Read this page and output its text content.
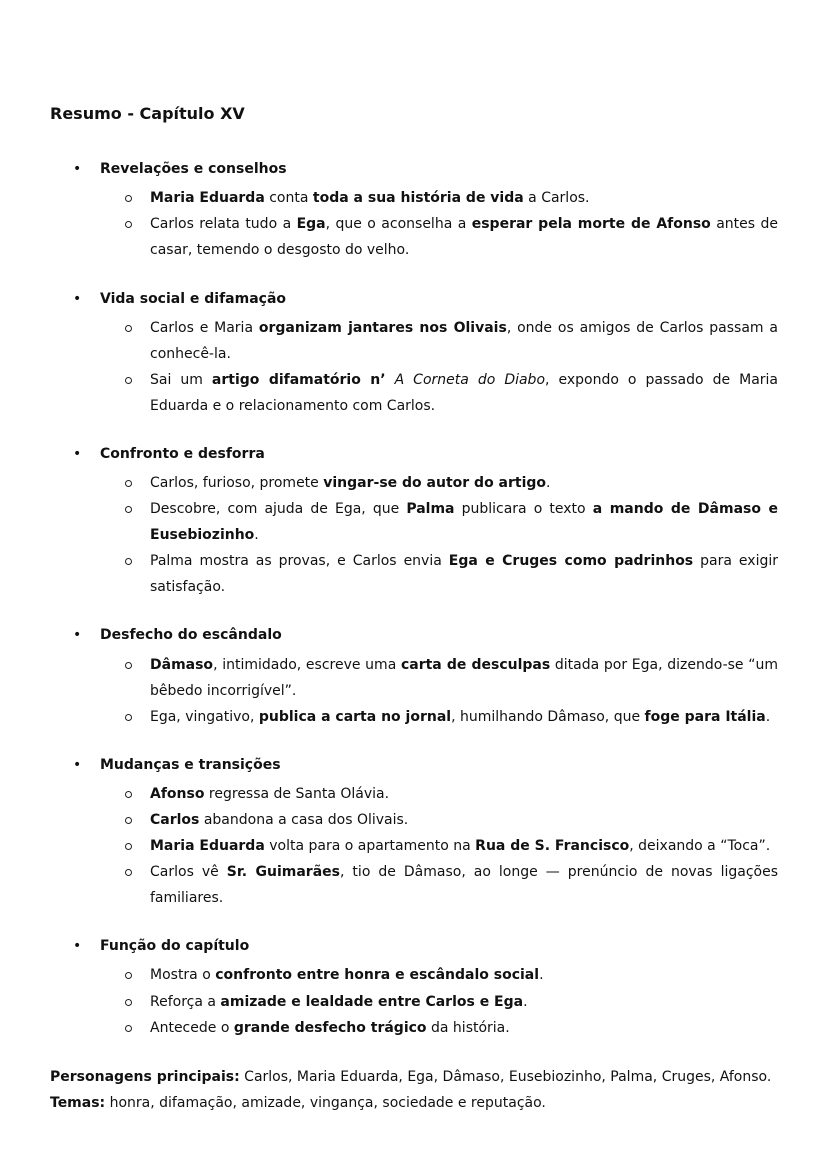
Resumo - Capítulo XV
• Revelações e conselhos
Maria Eduarda conta toda a sua história de vida a Carlos.
Carlos relata tudo a Ega, que o aconselha a esperar pela morte de Afonso antes de casar, temendo o desgosto do velho.
• Vida social e difamação
Carlos e Maria organizam jantares nos Olivais, onde os amigos de Carlos passam a conhecê-la.
Sai um artigo difamatório n’ A Corneta do Diabo, expondo o passado de Maria Eduarda e o relacionamento com Carlos.
• Confronto e desforra
Carlos, furioso, promete vingar-se do autor do artigo.
Descobre, com ajuda de Ega, que Palma publicara o texto a mando de Dâmaso e Eusebiozinho.
Palma mostra as provas, e Carlos envia Ega e Cruges como padrinhos para exigir satisfação.
• Desfecho do escândalo
Dâmaso, intimidado, escreve uma carta de desculpas ditada por Ega, dizendo-se “um bêbedo incorrigível”.
Ega, vingativo, publica a carta no jornal, humilhando Dâmaso, que foge para Itália.
• Mudanças e transições
Afonso regressa de Santa Olávia.
Carlos abandona a casa dos Olivais.
Maria Eduarda volta para o apartamento na Rua de S. Francisco, deixando a “Toca”.
Carlos vê Sr. Guimarães, tio de Dâmaso, ao longe — prenúncio de novas ligações familiares.
• Função do capítulo
Mostra o confronto entre honra e escândalo social.
Reforça a amizade e lealdade entre Carlos e Ega.
Antecede o grande desfecho trágico da história.
Personagens principais: Carlos, Maria Eduarda, Ega, Dâmaso, Eusebiozinho, Palma, Cruges, Afonso.
Temas: honra, difamação, amizade, vingança, sociedade e reputação.
